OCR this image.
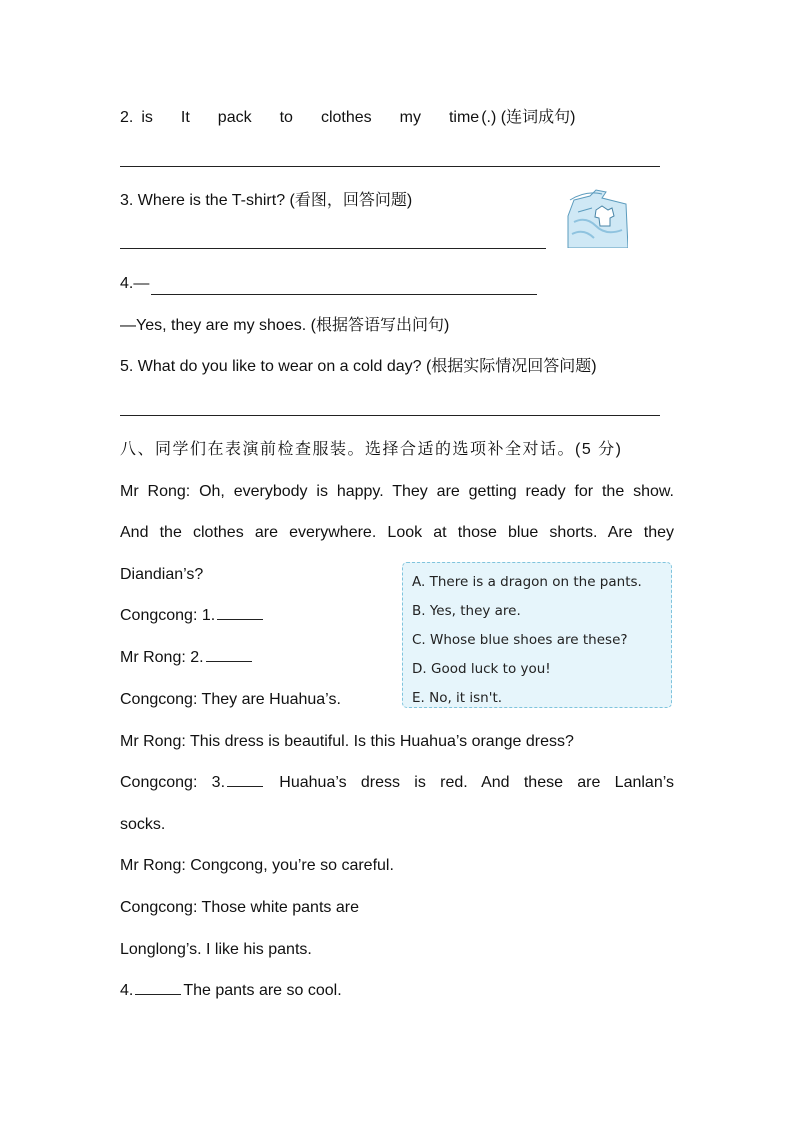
2. is It pack to clothes my time (.) (连词成句)
3. Where is the T-shirt? (看图，回答问题)
4.—
—Yes, they are my shoes. (根据答语写出问句)
5. What do you like to wear on a cold day? (根据实际情况回答问题)
八、同学们在表演前检查服装。选择合适的选项补全对话。(5 分)
Mr Rong: Oh, everybody is happy. They are getting ready for the show.
And the clothes are everywhere. Look at those blue shorts. Are they
Diandian’s?
Congcong: 1.
Mr Rong: 2.
Congcong: They are Huahua’s.
Mr Rong: This dress is beautiful. Is this Huahua’s orange dress?
Congcong: 3.	Huahua’s dress is red. And these are Lanlan’s
socks.
Mr Rong: Congcong, you’re so careful.
Congcong: Those white pants are
Longlong’s. I like his pants.
4.	The pants are so cool.
A. There is a dragon on the pants.
B. Yes, they are.
C. Whose blue shoes are these?
D. Good luck to you!
E. No, it isn't.
